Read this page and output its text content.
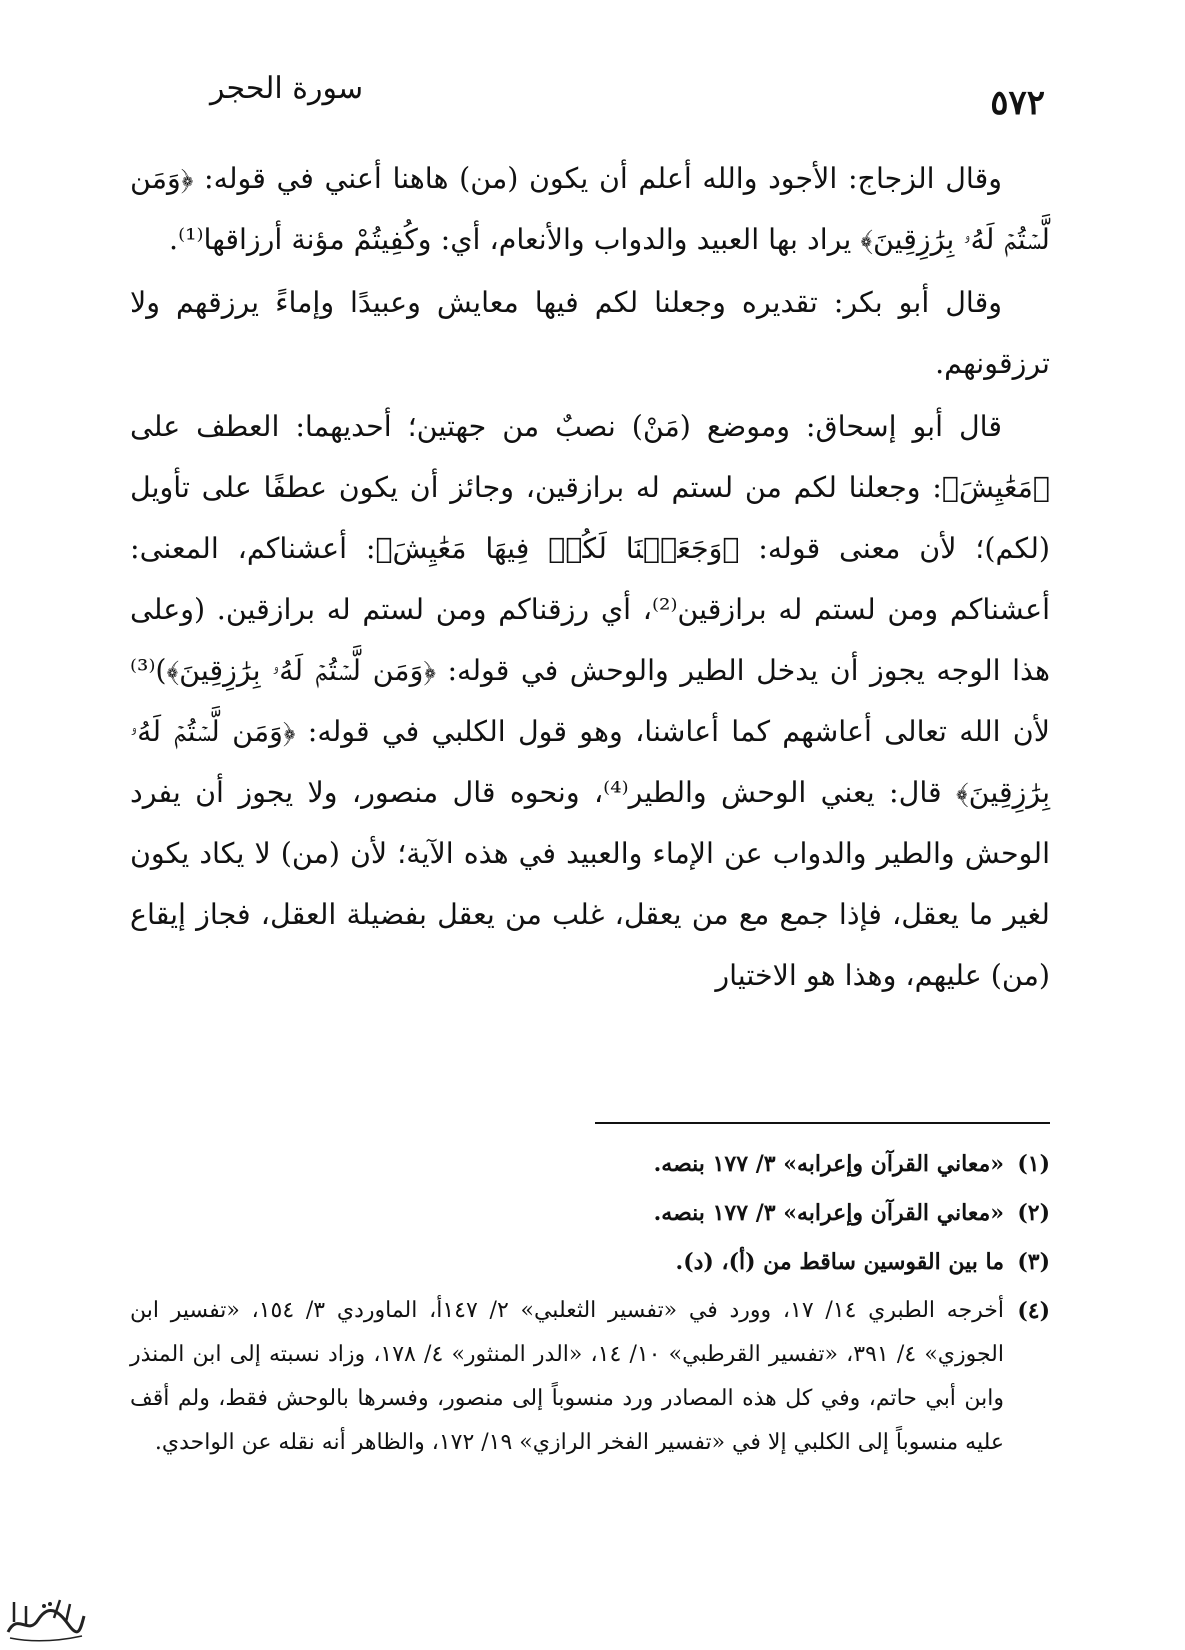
٥٧٢
سورة الحجر

وقال الزجاج: الأجود والله أعلم أن يكون (من) هاهنا أعني في قوله: ﴿وَمَن لَّسۡتُمۡ لَهُۥ بِرَٰزِقِينَ﴾ يراد بها العبيد والدواب والأنعام، أي: وكُفِيتُمْ مؤنة أرزاقها⁽¹⁾.

وقال أبو بكر: تقديره وجعلنا لكم فيها معايش وعبيدًا وإماءً يرزقهم ولا ترزقونهم.

قال أبو إسحاق: وموضع (مَنْ) نصبٌ من جهتين؛ أحديهما: العطف على ﴿مَعَٰيِشَ﴾: وجعلنا لكم من لستم له برازقين، وجائز أن يكون عطفًا على تأويل (لكم)؛ لأن معنى قوله: ﴿وَجَعَلۡنَا لَكُمۡ فِيهَا مَعَٰيِشَ﴾: أعشناكم، المعنى: أعشناكم ومن لستم له برازقين⁽²⁾، أي رزقناكم ومن لستم له برازقين. (وعلى هذا الوجه يجوز أن يدخل الطير والوحش في قوله: ﴿وَمَن لَّسۡتُمۡ لَهُۥ بِرَٰزِقِينَ﴾)⁽³⁾ لأن الله تعالى أعاشهم كما أعاشنا، وهو قول الكلبي في قوله: ﴿وَمَن لَّسۡتُمۡ لَهُۥ بِرَٰزِقِينَ﴾ قال: يعني الوحش والطير⁽⁴⁾، ونحوه قال منصور، ولا يجوز أن يفرد الوحش والطير والدواب عن الإماء والعبيد في هذه الآية؛ لأن (من) لا يكاد يكون لغير ما يعقل، فإذا جمع مع من يعقل، غلب من يعقل بفضيلة العقل، فجاز إيقاع (من) عليهم، وهذا هو الاختيار

(١)
«معاني القرآن وإعرابه» ٣/ ١٧٧ بنصه.
(٢)
«معاني القرآن وإعرابه» ٣/ ١٧٧ بنصه.
(٣)
ما بين القوسين ساقط من (أ)، (د).
(٤)
أخرجه الطبري ١٤/ ١٧، وورد في «تفسير الثعلبي» ٢/ ١٤٧أ، الماوردي ٣/ ١٥٤، «تفسير ابن الجوزي» ٤/ ٣٩١، «تفسير القرطبي» ١٠/ ١٤، «الدر المنثور» ٤/ ١٧٨، وزاد نسبته إلى ابن المنذر وابن أبي حاتم، وفي كل هذه المصادر ورد منسوباً إلى منصور، وفسرها بالوحش فقط، ولم أقف عليه منسوباً إلى الكلبي إلا في «تفسير الفخر الرازي» ١٩/ ١٧٢، والظاهر أنه نقله عن الواحدي.
